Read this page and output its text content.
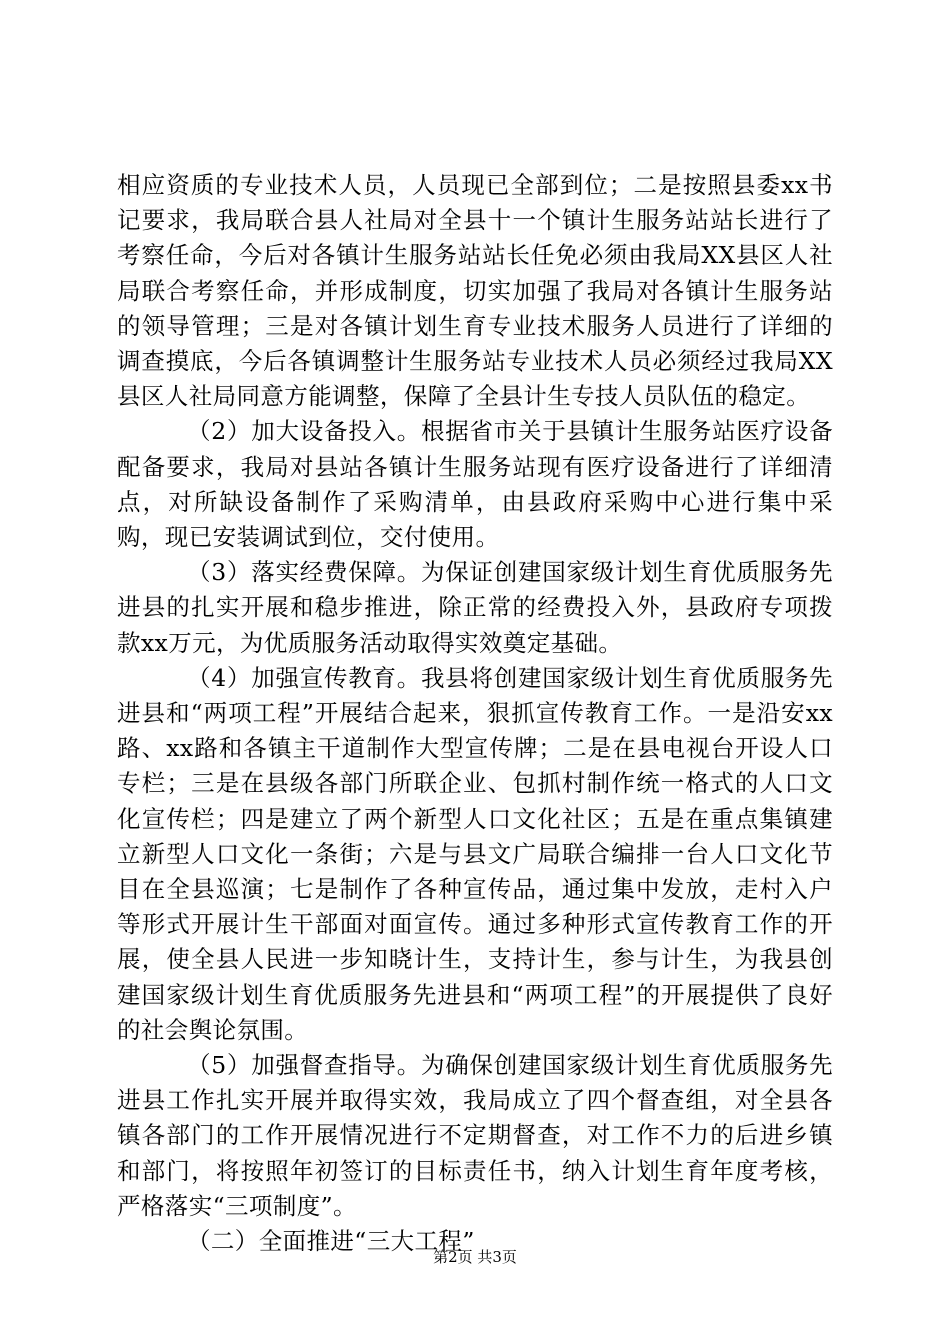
相应资质的专业技术人员，人员现已全部到位；二是按照县委xx书记要求，我局联合县人社局对全县十一个镇计生服务站站长进行了考察任命，今后对各镇计生服务站站长任免必须由我局XX县区人社局联合考察任命，并形成制度，切实加强了我局对各镇计生服务站的领导管理；三是对各镇计划生育专业技术服务人员进行了详细的调查摸底，今后各镇调整计生服务站专业技术人员必须经过我局XX县区人社局同意方能调整，保障了全县计生专技人员队伍的稳定。

（2）加大设备投入。根据省市关于县镇计生服务站医疗设备配备要求，我局对县站各镇计生服务站现有医疗设备进行了详细清点，对所缺设备制作了采购清单，由县政府采购中心进行集中采购，现已安装调试到位，交付使用。

（3）落实经费保障。为保证创建国家级计划生育优质服务先进县的扎实开展和稳步推进，除正常的经费投入外，县政府专项拨款xx万元，为优质服务活动取得实效奠定基础。

（4）加强宣传教育。我县将创建国家级计划生育优质服务先进县和“两项工程”开展结合起来，狠抓宣传教育工作。一是沿安xx路、xx路和各镇主干道制作大型宣传牌；二是在县电视台开设人口专栏；三是在县级各部门所联企业、包抓村制作统一格式的人口文化宣传栏；四是建立了两个新型人口文化社区；五是在重点集镇建立新型人口文化一条街；六是与县文广局联合编排一台人口文化节目在全县巡演；七是制作了各种宣传品，通过集中发放，走村入户等形式开展计生干部面对面宣传。通过多种形式宣传教育工作的开展，使全县人民进一步知晓计生，支持计生，参与计生，为我县创建国家级计划生育优质服务先进县和“两项工程”的开展提供了良好的社会舆论氛围。

（5）加强督查指导。为确保创建国家级计划生育优质服务先进县工作扎实开展并取得实效，我局成立了四个督查组，对全县各镇各部门的工作开展情况进行不定期督查，对工作不力的后进乡镇和部门，将按照年初签订的目标责任书，纳入计划生育年度考核，严格落实“三项制度”。

（二）全面推进“三大工程”

第2页 共3页
